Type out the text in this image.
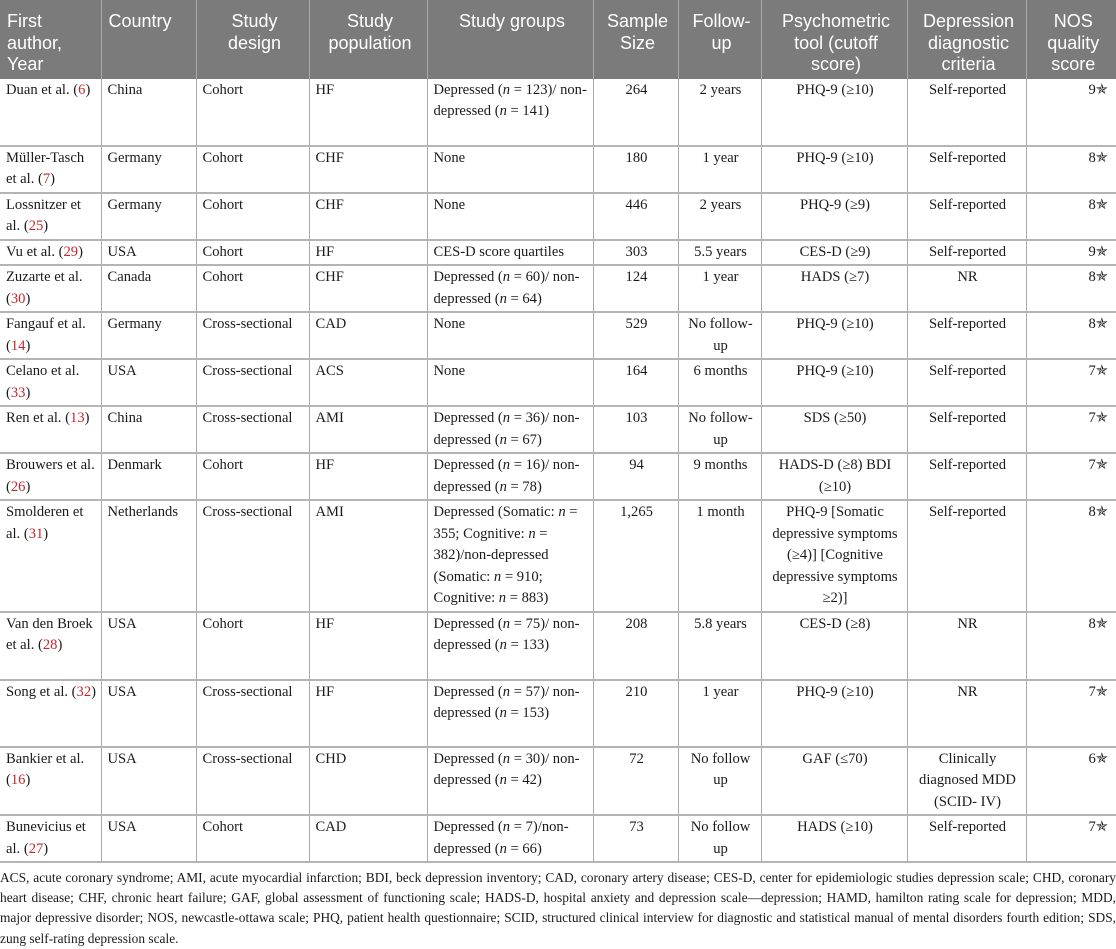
First author, Year	Country	Study design	Study population	Study groups	Sample Size	Follow-up	Psychometric tool (cutoff score)	Depression diagnostic criteria	NOS quality score
Duan et al. (6)	China	Cohort	HF	Depressed (n = 123)/ non-depressed (n = 141)	264	2 years	PHQ-9 (≥10)	Self-reported	9✯
Müller-Tasch et al. (7)	Germany	Cohort	CHF	None	180	1 year	PHQ-9 (≥10)	Self-reported	8✯
Lossnitzer et al. (25)	Germany	Cohort	CHF	None	446	2 years	PHQ-9 (≥9)	Self-reported	8✯
Vu et al. (29)	USA	Cohort	HF	CES-D score quartiles	303	5.5 years	CES-D (≥9)	Self-reported	9✯
Zuzarte et al. (30)	Canada	Cohort	CHF	Depressed (n = 60)/ non-depressed (n = 64)	124	1 year	HADS (≥7)	NR	8✯
Fangauf et al. (14)	Germany	Cross-sectional	CAD	None	529	No follow-up	PHQ-9 (≥10)	Self-reported	8✯
Celano et al. (33)	USA	Cross-sectional	ACS	None	164	6 months	PHQ-9 (≥10)	Self-reported	7✯
Ren et al. (13)	China	Cross-sectional	AMI	Depressed (n = 36)/ non-depressed (n = 67)	103	No follow-up	SDS (≥50)	Self-reported	7✯
Brouwers et al. (26)	Denmark	Cohort	HF	Depressed (n = 16)/ non-depressed (n = 78)	94	9 months	HADS-D (≥8) BDI (≥10)	Self-reported	7✯
Smolderen et al. (31)	Netherlands	Cross-sectional	AMI	Depressed (Somatic: n = 355; Cognitive: n = 382)/non-depressed (Somatic: n = 910; Cognitive: n = 883)	1,265	1 month	PHQ-9 [Somatic depressive symptoms (≥4)] [Cognitive depressive symptoms ≥2)]	Self-reported	8✯
Van den Broek et al. (28)	USA	Cohort	HF	Depressed (n = 75)/ non-depressed (n = 133)	208	5.8 years	CES-D (≥8)	NR	8✯
Song et al. (32)	USA	Cross-sectional	HF	Depressed (n = 57)/ non-depressed (n = 153)	210	1 year	PHQ-9 (≥10)	NR	7✯
Bankier et al. (16)	USA	Cross-sectional	CHD	Depressed (n = 30)/ non-depressed (n = 42)	72	No follow up	GAF (≤70)	Clinically diagnosed MDD (SCID- IV)	6✯
Bunevicius et al. (27)	USA	Cohort	CAD	Depressed (n = 7)/non-depressed (n = 66)	73	No follow up	HADS (≥10)	Self-reported	7✯
ACS, acute coronary syndrome; AMI, acute myocardial infarction; BDI, beck depression inventory; CAD, coronary artery disease; CES-D, center for epidemiologic studies depression scale; CHD, coronary heart disease; CHF, chronic heart failure; GAF, global assessment of functioning scale; HADS-D, hospital anxiety and depression scale—depression; HAMD, hamilton rating scale for depression; MDD, major depressive disorder; NOS, newcastle-ottawa scale; PHQ, patient health questionnaire; SCID, structured clinical interview for diagnostic and statistical manual of mental disorders fourth edition; SDS, zung self-rating depression scale.
